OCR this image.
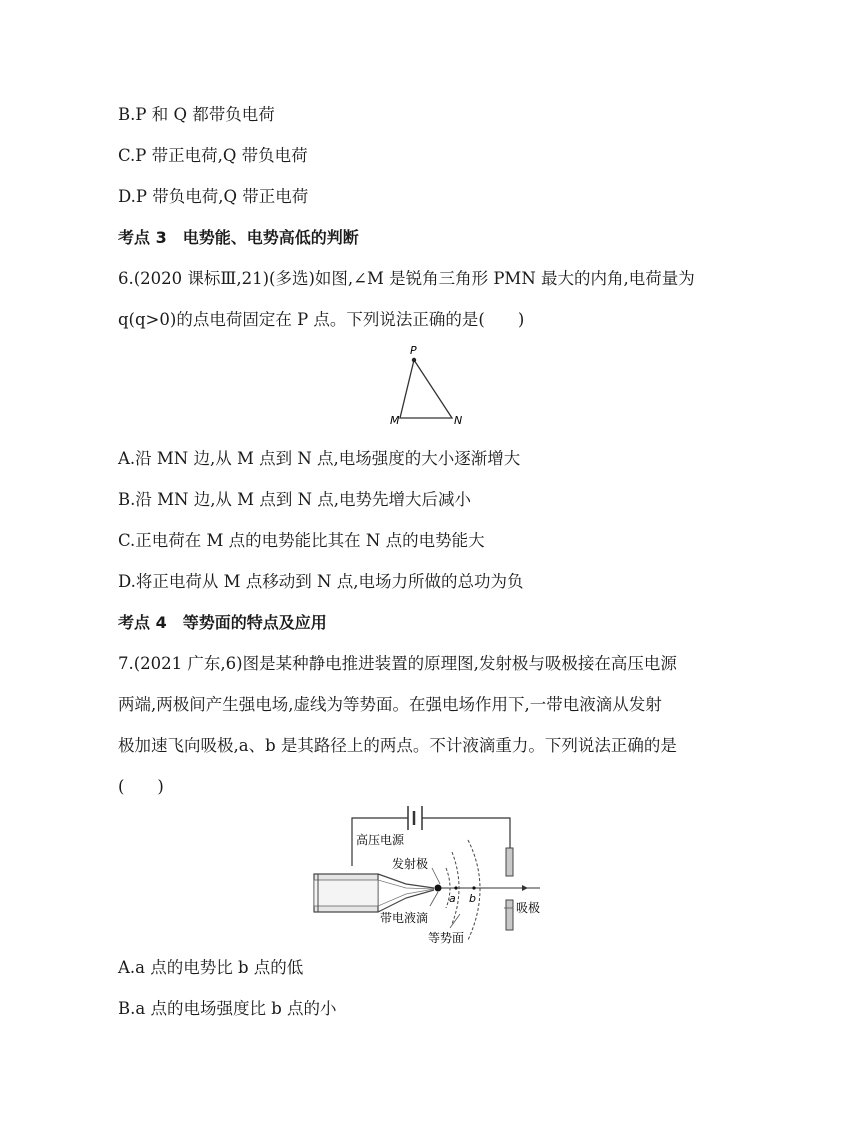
B.P 和 Q 都带负电荷
C.P 带正电荷,Q 带负电荷
D.P 带负电荷,Q 带正电荷
考点 3　电势能、电势高低的判断
6.(2020 课标Ⅲ,21)(多选)如图,∠M 是锐角三角形 PMN 最大的内角,电荷量为
q(q>0)的点电荷固定在 P 点。下列说法正确的是(　　)
P
M	N
A.沿 MN 边,从 M 点到 N 点,电场强度的大小逐渐增大
B.沿 MN 边,从 M 点到 N 点,电势先增大后减小
C.正电荷在 M 点的电势能比其在 N 点的电势能大
D.将正电荷从 M 点移动到 N 点,电场力所做的总功为负
考点 4　等势面的特点及应用
7.(2021 广东,6)图是某种静电推进装置的原理图,发射极与吸极接在高压电源
两端,两极间产生强电场,虚线为等势面。在强电场作用下,一带电液滴从发射
极加速飞向吸极,a、b 是其路径上的两点。不计液滴重力。下列说法正确的是
(　　)
高压电源
发射极
带电液滴
等势面
吸极
a b
A.a 点的电势比 b 点的低
B.a 点的电场强度比 b 点的小
